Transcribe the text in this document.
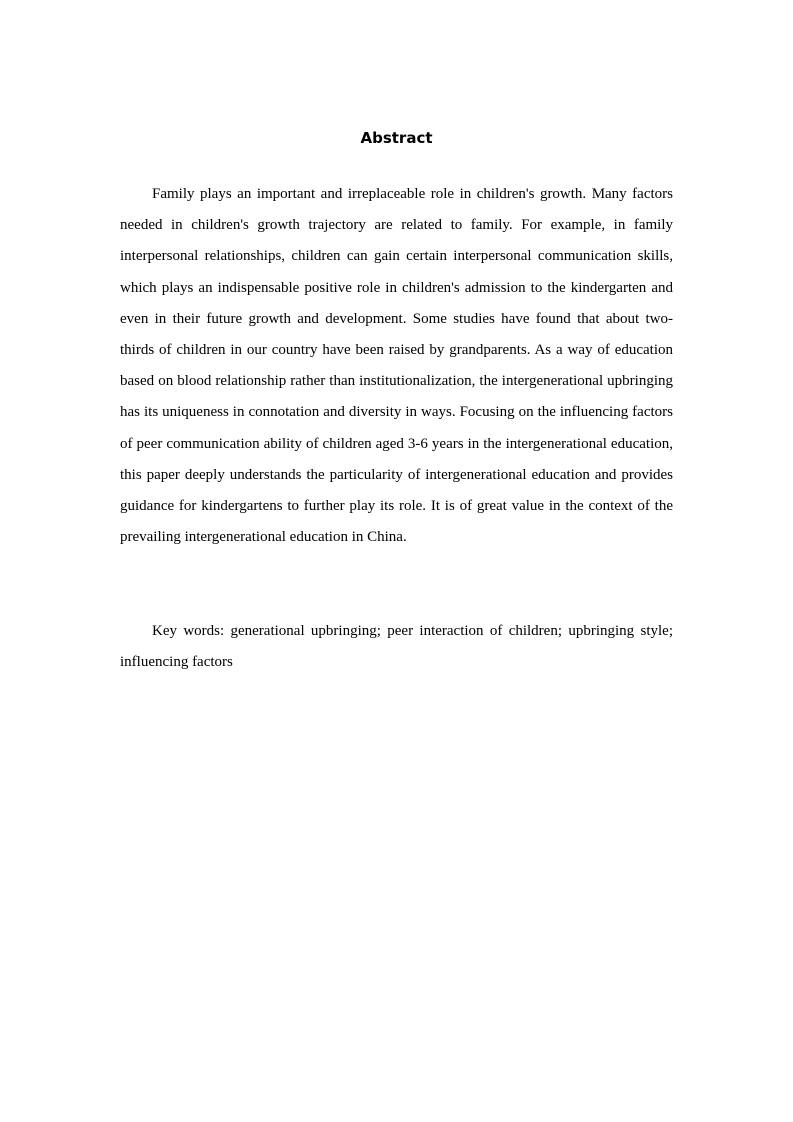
Abstract

Family plays an important and irreplaceable role in children's growth. Many factors needed in children's growth trajectory are related to family. For example, in family interpersonal relationships, children can gain certain interpersonal communication skills, which plays an indispensable positive role in children's admission to the kindergarten and even in their future growth and development. Some studies have found that about two-thirds of children in our country have been raised by grandparents. As a way of education based on blood relationship rather than institutionalization, the intergenerational upbringing has its uniqueness in connotation and diversity in ways. Focusing on the influencing factors of peer communication ability of children aged 3-6 years in the intergenerational education, this paper deeply understands the particularity of intergenerational education and provides guidance for kindergartens to further play its role. It is of great value in the context of the prevailing intergenerational education in China.

Key words: generational upbringing; peer interaction of children; upbringing style; influencing factors
